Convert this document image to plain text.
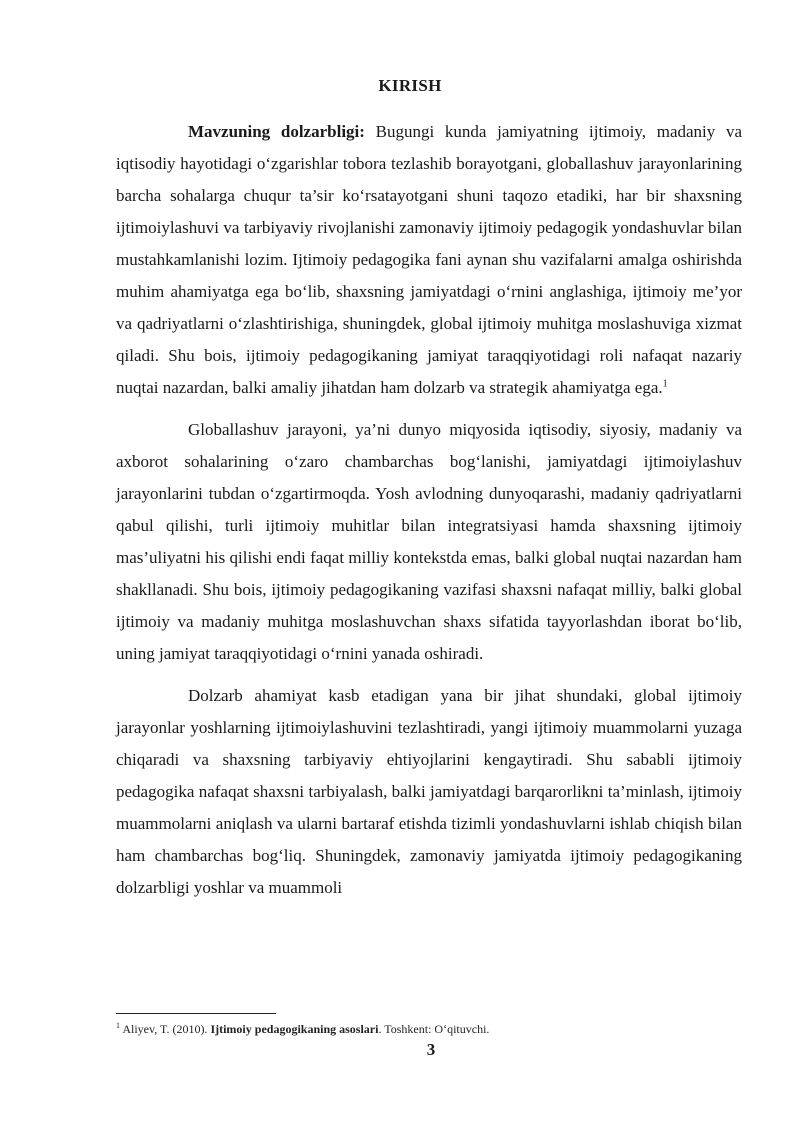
KIRISH

Mavzuning dolzarbligi: Bugungi kunda jamiyatning ijtimoiy, madaniy va iqtisodiy hayotidagi o‘zgarishlar tobora tezlashib borayotgani, globallashuv jarayonlarining barcha sohalarga chuqur ta’sir ko‘rsatayotgani shuni taqozo etadiki, har bir shaxsning ijtimoiylashuvi va tarbiyaviy rivojlanishi zamonaviy ijtimoiy pedagogik yondashuvlar bilan mustahkamlanishi lozim. Ijtimoiy pedagogika fani aynan shu vazifalarni amalga oshirishda muhim ahamiyatga ega bo‘lib, shaxsning jamiyatdagi o‘rnini anglashiga, ijtimoiy me’yor va qadriyatlarni o‘zlashtirishiga, shuningdek, global ijtimoiy muhitga moslashuviga xizmat qiladi. Shu bois, ijtimoiy pedagogikaning jamiyat taraqqiyotidagi roli nafaqat nazariy nuqtai nazardan, balki amaliy jihatdan ham dolzarb va strategik ahamiyatga ega.$^1$

Globallashuv jarayoni, ya’ni dunyo miqyosida iqtisodiy, siyosiy, madaniy va axborot sohalarining o‘zaro chambarchas bog‘lanishi, jamiyatdagi ijtimoiylashuv jarayonlarini tubdan o‘zgartirmoqda. Yosh avlodning dunyoqarashi, madaniy qadriyatlarni qabul qilishi, turli ijtimoiy muhitlar bilan integratsiyasi hamda shaxsning ijtimoiy mas’uliyatni his qilishi endi faqat milliy kontekstda emas, balki global nuqtai nazardan ham shakllanadi. Shu bois, ijtimoiy pedagogikaning vazifasi shaxsni nafaqat milliy, balki global ijtimoiy va madaniy muhitga moslashuvchan shaxs sifatida tayyorlashdan iborat bo‘lib, uning jamiyat taraqqiyotidagi o‘rnini yanada oshiradi.

Dolzarb ahamiyat kasb etadigan yana bir jihat shundaki, global ijtimoiy jarayonlar yoshlarning ijtimoiylashuvini tezlashtiradi, yangi ijtimoiy muammolarni yuzaga chiqaradi va shaxsning tarbiyaviy ehtiyojlarini kengaytiradi. Shu sababli ijtimoiy pedagogika nafaqat shaxsni tarbiyalash, balki jamiyatdagi barqarorlikni ta’minlash, ijtimoiy muammolarni aniqlash va ularni bartaraf etishda tizimli yondashuvlarni ishlab chiqish bilan ham chambarchas bog‘liq. Shuningdek, zamonaviy jamiyatda ijtimoiy pedagogikaning dolzarbligi yoshlar va muammoli

$^1$ Aliyev, T. (2010). Ijtimoiy pedagogikaning asoslari. Toshkent: O‘qituvchi.
3
